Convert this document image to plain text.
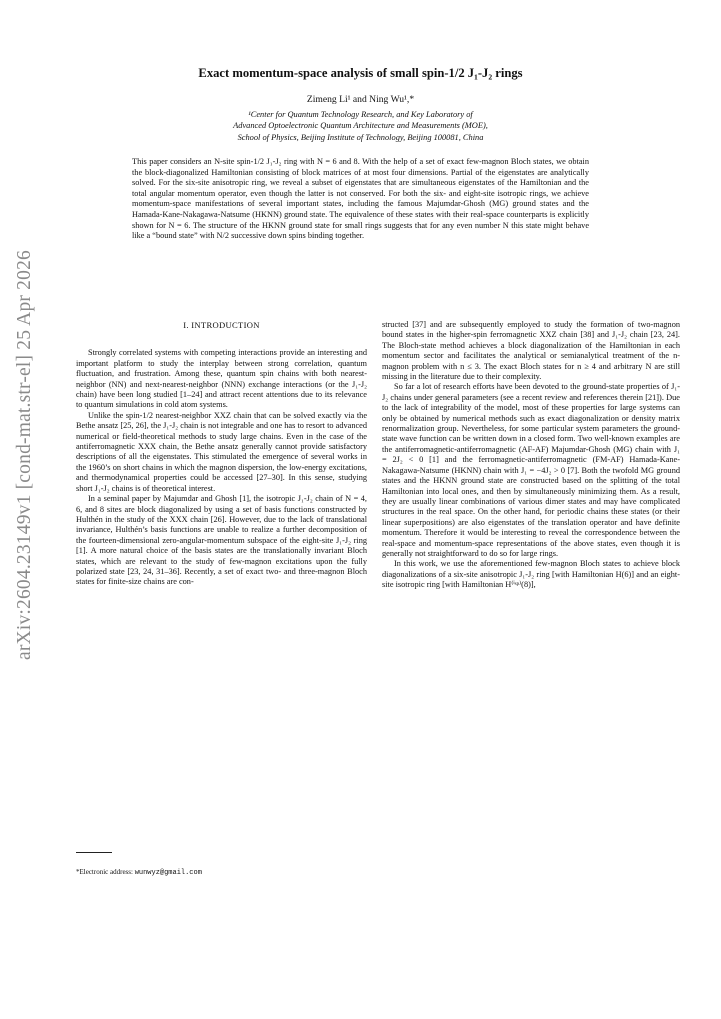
arXiv:2604.23149v1 [cond-mat.str-el] 25 Apr 2026
Exact momentum-space analysis of small spin-1/2 J₁-J₂ rings
Zimeng Li¹ and Ning Wu¹,*
¹Center for Quantum Technology Research, and Key Laboratory of
Advanced Optoelectronic Quantum Architecture and Measurements (MOE),
School of Physics, Beijing Institute of Technology, Beijing 100081, China
This paper considers an N-site spin-1/2 J₁-J₂ ring with N = 6 and 8. With the help of a set of exact few-magnon Bloch states, we obtain the block-diagonalized Hamiltonian consisting of block matrices of at most four dimensions. Partial of the eigenstates are analytically solved. For the six-site anisotropic ring, we reveal a subset of eigenstates that are simultaneous eigenstates of the Hamiltonian and the total angular momentum operator, even though the latter is not conserved. For both the six- and eight-site isotropic rings, we achieve momentum-space manifestations of several important states, including the famous Majumdar-Ghosh (MG) ground states and the Hamada-Kane-Nakagawa-Natsume (HKNN) ground state. The equivalence of these states with their real-space counterparts is explicitly shown for N = 6. The structure of the HKNN ground state for small rings suggests that for any even number N this state might behave like a “bound state” with N/2 successive down spins binding together.
I. INTRODUCTION

Strongly correlated systems with competing interactions provide an interesting and important platform to study the interplay between strong correlation, quantum fluctuation, and frustration. Among these, quantum spin chains with both nearest-neighbor (NN) and next-nearest-neighbor (NNN) exchange interactions (or the J₁-J₂ chain) have been long studied [1–24] and attract recent attentions due to its relevance to quantum simulations in cold atom systems.

Unlike the spin-1/2 nearest-neighbor XXZ chain that can be solved exactly via the Bethe ansatz [25, 26], the J₁-J₂ chain is not integrable and one has to resort to advanced numerical or field-theoretical methods to study large chains. Even in the case of the antiferromagnetic XXX chain, the Bethe ansatz generally cannot provide satisfactory descriptions of all the eigenstates. This stimulated the emergence of several works in the 1960’s on short chains in which the magnon dispersion, the low-energy excitations, and thermodynamical properties could be accessed [27–30]. In this sense, studying short J₁-J₂ chains is of theoretical interest.

In a seminal paper by Majumdar and Ghosh [1], the isotropic J₁-J₂ chain of N = 4, 6, and 8 sites are block diagonalized by using a set of basis functions constructed by Hulthén in the study of the XXX chain [26]. However, due to the lack of translational invariance, Hulthén’s basis functions are unable to realize a further decomposition of the fourteen-dimensional zero-angular-momentum subspace of the eight-site J₁-J₂ ring [1]. A more natural choice of the basis states are the translationally invariant Bloch states, which are relevant to the study of few-magnon excitations upon the fully polarized state [23, 24, 31–36]. Recently, a set of exact two- and three-magnon Bloch states for finite-size chains are con-

structed [37] and are subsequently employed to study the formation of two-magnon bound states in the higher-spin ferromagnetic XXZ chain [38] and J₁-J₂ chain [23, 24]. The Bloch-state method achieves a block diagonalization of the Hamiltonian in each momentum sector and facilitates the analytical or semianalytical treatment of the n-magnon problem with n ≤ 3. The exact Bloch states for n ≥ 4 and arbitrary N are still missing in the literature due to their complexity.

So far a lot of research efforts have been devoted to the ground-state properties of J₁-J₂ chains under general parameters (see a recent review and references therein [21]). Due to the lack of integrability of the model, most of these properties for large systems can only be obtained by numerical methods such as exact diagonalization or density matrix renormalization group. Nevertheless, for some particular system parameters the ground-state wave function can be written down in a closed form. Two well-known examples are the antiferromagnetic-antiferromagnetic (AF-AF) Majumdar-Ghosh (MG) chain with J₁ = 2J₂ < 0 [1] and the ferromagnetic-antiferromagnetic (FM-AF) Hamada-Kane-Nakagawa-Natsume (HKNN) chain with J₁ = −4J₂ > 0 [7]. Both the twofold MG ground states and the HKNN ground state are constructed based on the splitting of the total Hamiltonian into local ones, and then by simultaneously minimizing them. As a result, they are usually linear combinations of various dimer states and may have complicated structures in the real space. On the other hand, for periodic chains these states (or their linear superpositions) are also eigenstates of the translation operator and have definite momentum. Therefore it would be interesting to reveal the correspondence between the real-space and momentum-space representations of the above states, even though it is generally not straightforward to do so for large rings.

In this work, we use the aforementioned few-magnon Bloch states to achieve block diagonalizations of a six-site anisotropic J₁-J₂ ring [with Hamiltonian H(6)] and an eight-site isotropic ring [with Hamiltonian H⁽ⁱˢᵖ⁾(8)],

*Electronic address: wunwyz@gmail.com
